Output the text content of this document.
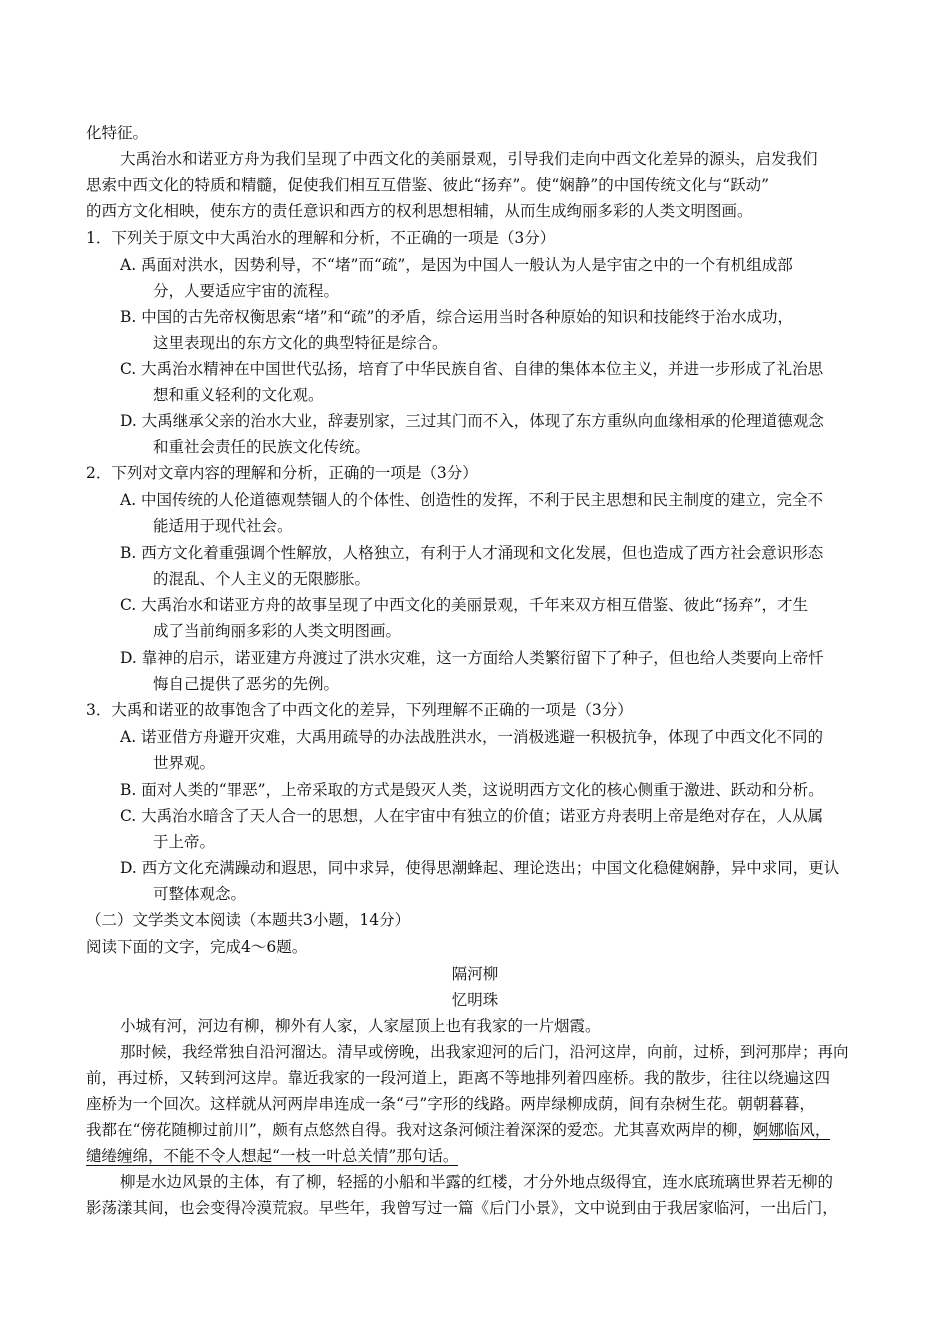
化特征。
大禹治水和诺亚方舟为我们呈现了中西文化的美丽景观，引导我们走向中西文化差异的源头，启发我们
思索中西文化的特质和精髓，促使我们相互互借鉴、彼此“扬弃”。使“娴静”的中国传统文化与“跃动”
的西方文化相映，使东方的责任意识和西方的权利思想相辅，从而生成绚丽多彩的人类文明图画。
1．下列关于原文中大禹治水的理解和分析，不正确的一项是（3分）
A. 禹面对洪水，因势利导，不“堵”而“疏”，是因为中国人一般认为人是宇宙之中的一个有机组成部
分，人要适应宇宙的流程。
B. 中国的古先帝权衡思索“堵”和“疏”的矛盾，综合运用当时各种原始的知识和技能终于治水成功，
这里表现出的东方文化的典型特征是综合。
C. 大禹治水精神在中国世代弘扬，培育了中华民族自省、自律的集体本位主义，并进一步形成了礼治思
想和重义轻利的文化观。
D. 大禹继承父亲的治水大业，辞妻别家，三过其门而不入，体现了东方重纵向血缘相承的伦理道德观念
和重社会责任的民族文化传统。
2．下列对文章内容的理解和分析，正确的一项是（3分）
A. 中国传统的人伦道德观禁锢人的个体性、创造性的发挥，不利于民主思想和民主制度的建立，完全不
能适用于现代社会。
B. 西方文化着重强调个性解放，人格独立，有利于人才涌现和文化发展，但也造成了西方社会意识形态
的混乱、个人主义的无限膨胀。
C. 大禹治水和诺亚方舟的故事呈现了中西文化的美丽景观，千年来双方相互借鉴、彼此“扬弃”，才生
成了当前绚丽多彩的人类文明图画。
D. 靠神的启示，诺亚建方舟渡过了洪水灾难，这一方面给人类繁衍留下了种子，但也给人类要向上帝忏
悔自己提供了恶劣的先例。
3．大禹和诺亚的故事饱含了中西文化的差异，下列理解不正确的一项是（3分）
A. 诺亚借方舟避开灾难，大禹用疏导的办法战胜洪水，一消极逃避一积极抗争，体现了中西文化不同的
世界观。
B. 面对人类的“罪恶”，上帝采取的方式是毁灭人类，这说明西方文化的核心侧重于激进、跃动和分析。
C. 大禹治水暗含了天人合一的思想，人在宇宙中有独立的价值；诺亚方舟表明上帝是绝对存在，人从属
于上帝。
D. 西方文化充满躁动和遐思，同中求异，使得思潮蜂起、理论迭出；中国文化稳健娴静，异中求同，更认
可整体观念。
（二）文学类文本阅读（本题共3小题，14分）
阅读下面的文字，完成4～6题。
隔河柳
忆明珠
小城有河，河边有柳，柳外有人家，人家屋顶上也有我家的一片烟霞。
那时候，我经常独自沿河溜达。清早或傍晚，出我家迎河的后门，沿河这岸，向前，过桥，到河那岸；再向
前，再过桥，又转到河这岸。靠近我家的一段河道上，距离不等地排列着四座桥。我的散步，往往以绕遍这四
座桥为一个回次。这样就从河两岸串连成一条“弓”字形的线路。两岸绿柳成荫，间有杂树生花。朝朝暮暮，
我都在“傍花随柳过前川”，颇有点悠然自得。我对这条河倾注着深深的爱恋。尤其喜欢两岸的柳，婀娜临风，
缱绻缠绵，不能不令人想起“一枝一叶总关情”那句话。
柳是水边风景的主体，有了柳，轻摇的小船和半露的红楼，才分外地点级得宜，连水底琉璃世界若无柳的
影荡漾其间，也会变得冷漠荒寂。早些年，我曾写过一篇《后门小景》，文中说到由于我居家临河，一出后门，
